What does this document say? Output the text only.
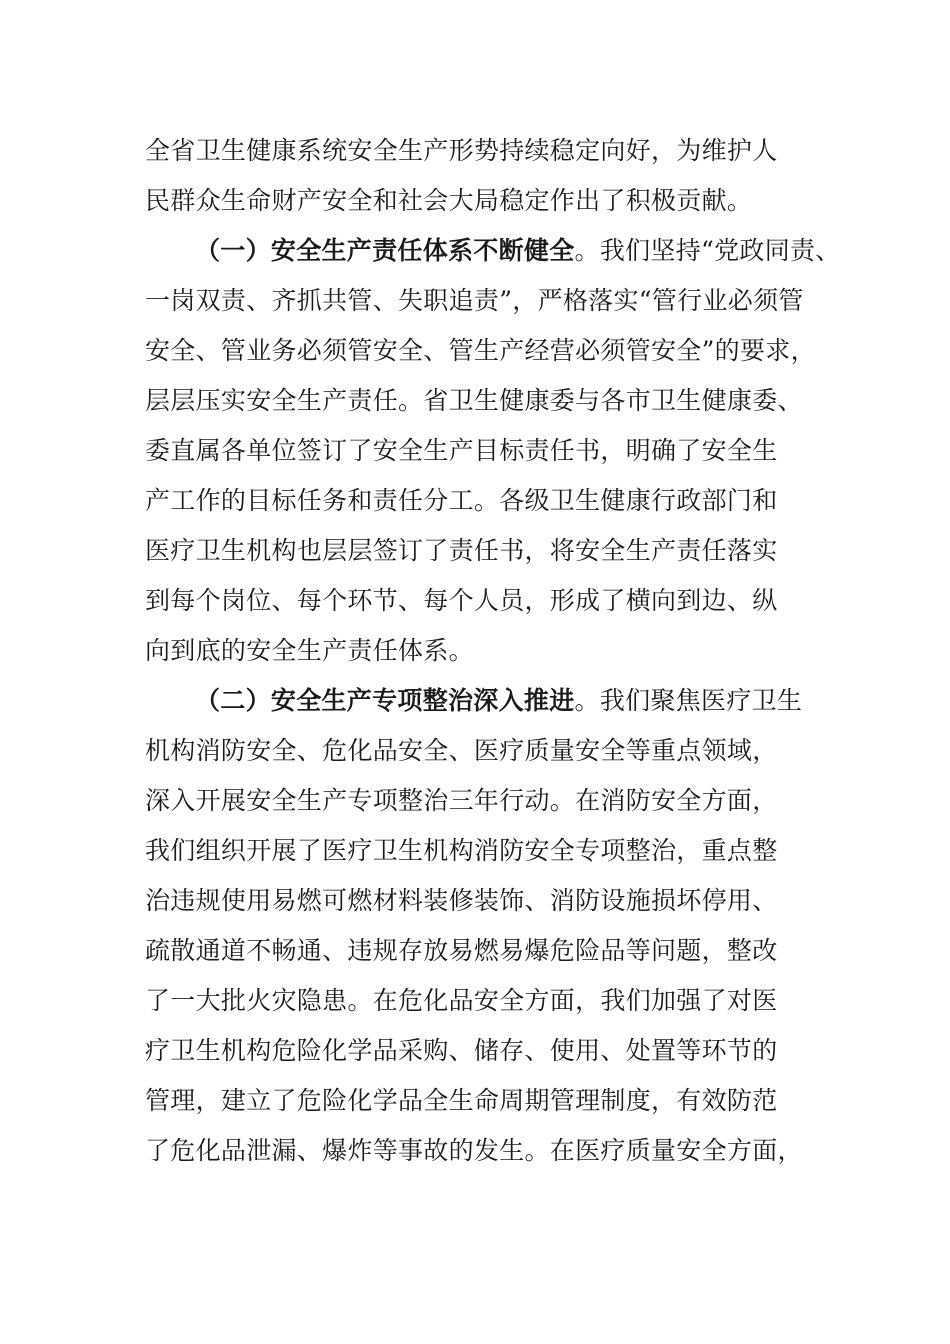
全省卫生健康系统安全生产形势持续稳定向好，为维护人
民群众生命财产安全和社会大局稳定作出了积极贡献。
（一）安全生产责任体系不断健全。我们坚持“党政同责、
一岗双责、齐抓共管、失职追责”，严格落实“管行业必须管
安全、管业务必须管安全、管生产经营必须管安全”的要求，
层层压实安全生产责任。省卫生健康委与各市卫生健康委、
委直属各单位签订了安全生产目标责任书，明确了安全生
产工作的目标任务和责任分工。各级卫生健康行政部门和
医疗卫生机构也层层签订了责任书，将安全生产责任落实
到每个岗位、每个环节、每个人员，形成了横向到边、纵
向到底的安全生产责任体系。
（二）安全生产专项整治深入推进。我们聚焦医疗卫生
机构消防安全、危化品安全、医疗质量安全等重点领域，
深入开展安全生产专项整治三年行动。在消防安全方面，
我们组织开展了医疗卫生机构消防安全专项整治，重点整
治违规使用易燃可燃材料装修装饰、消防设施损坏停用、
疏散通道不畅通、违规存放易燃易爆危险品等问题，整改
了一大批火灾隐患。在危化品安全方面，我们加强了对医
疗卫生机构危险化学品采购、储存、使用、处置等环节的
管理，建立了危险化学品全生命周期管理制度，有效防范
了危化品泄漏、爆炸等事故的发生。在医疗质量安全方面，
